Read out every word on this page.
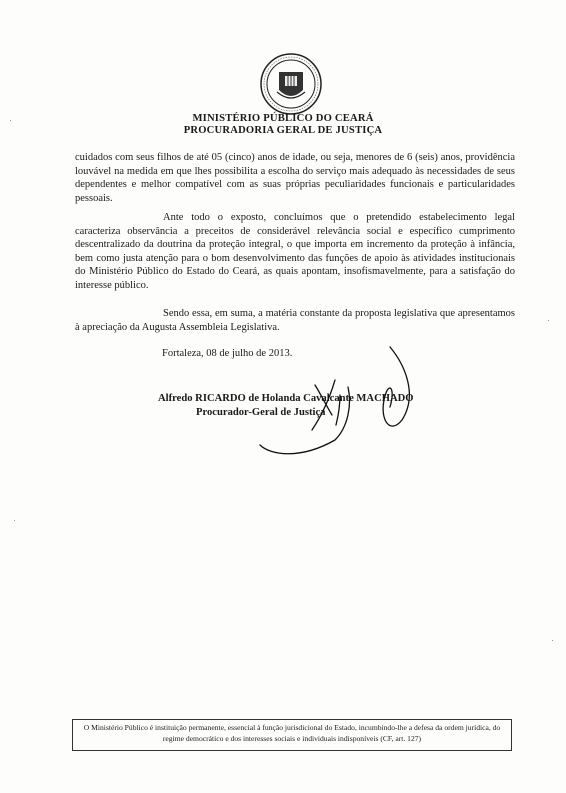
MINISTÉRIO PÚBLICO DO CEARÁ
PROCURADORIA GERAL DE JUSTIÇA
cuidados com seus filhos de até 05 (cinco) anos de idade, ou seja, menores de 6 (seis) anos, providência louvável na medida em que lhes possibilita a escolha do serviço mais adequado às necessidades de seus dependentes e melhor compatível com as suas próprias peculiaridades funcionais e particularidades pessoais.
Ante todo o exposto, concluímos que o pretendido estabelecimento legal caracteriza observância a preceitos de considerável relevância social e específico cumprimento descentralizado da doutrina da proteção integral, o que importa em incremento da proteção à infância, bem como justa atenção para o bom desenvolvimento das funções de apoio às atividades institucionais do Ministério Público do Estado do Ceará, as quais apontam, insofismavelmente, para a satisfação do interesse público.
Sendo essa, em suma, a matéria constante da proposta legislativa que apresentamos à apreciação da Augusta Assembleia Legislativa.
Fortaleza, 08 de julho de 2013.
Alfredo RICARDO de Holanda Cavalcante MACHADO
Procurador-Geral de Justiça
O Ministério Público é instituição permanente, essencial à função jurisdicional do Estado, incumbindo-lhe a defesa da ordem jurídica, do regime democrático e dos interesses sociais e individuais indisponíveis (CF, art. 127)
